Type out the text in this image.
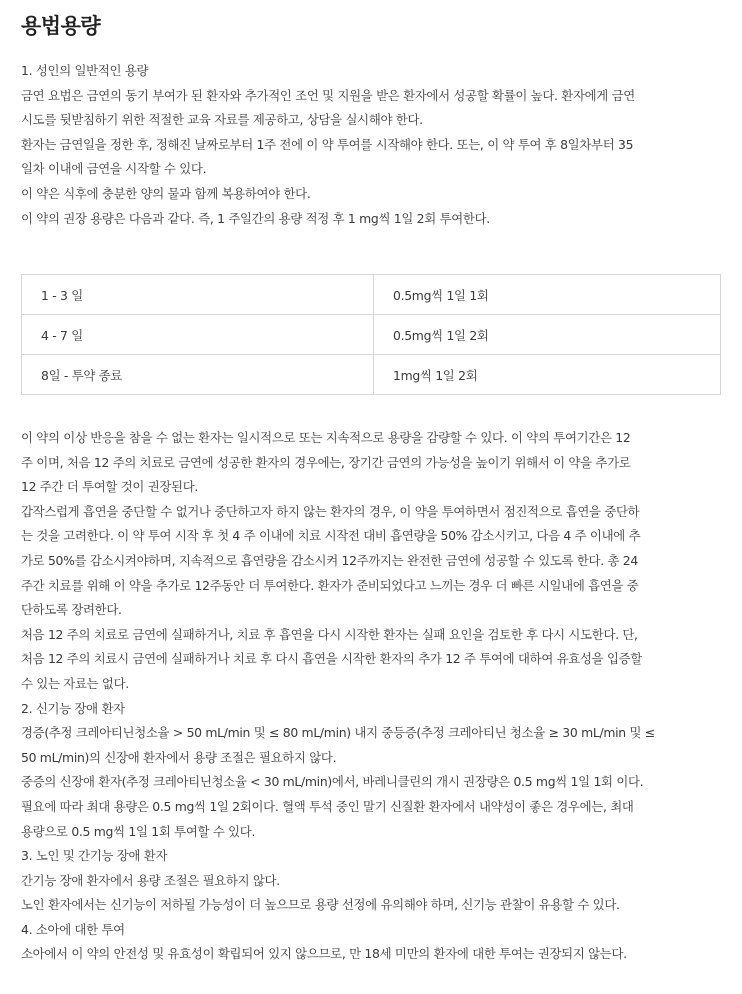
용법용량

1. 성인의 일반적인 용량

금연 요법은 금연의 동기 부여가 된 환자와 추가적인 조언 및 지원을 받은 환자에서 성공할 확률이 높다. 환자에게 금연

시도를 뒷받침하기 위한 적절한 교육 자료를 제공하고, 상담을 실시해야 한다.

환자는 금연일을 정한 후, 정해진 날짜로부터 1주 전에 이 약 투여를 시작해야 한다. 또는, 이 약 투여 후 8일차부터 35

일차 이내에 금연을 시작할 수 있다.

이 약은 식후에 충분한 양의 물과 함께 복용하여야 한다.

이 약의 권장 용량은 다음과 같다. 즉, 1 주일간의 용량 적정 후 1 mg씩 1일 2회 투여한다.

1 - 3 일	0.5mg씩 1일 1회
4 - 7 일	0.5mg씩 1일 2회
8일 - 투약 종료	1mg씩 1일 2회

이 약의 이상 반응을 참을 수 없는 환자는 일시적으로 또는 지속적으로 용량을 감량할 수 있다. 이 약의 투여기간은 12

주 이며, 처음 12 주의 치료로 금연에 성공한 환자의 경우에는, 장기간 금연의 가능성을 높이기 위해서 이 약을 추가로

12 주간 더 투여할 것이 권장된다.

갑작스럽게 흡연을 중단할 수 없거나 중단하고자 하지 않는 환자의 경우, 이 약을 투여하면서 점진적으로 흡연을 중단하

는 것을 고려한다. 이 약 투여 시작 후 첫 4 주 이내에 치료 시작전 대비 흡연량을 50% 감소시키고, 다음 4 주 이내에 추

가로 50%를 감소시켜야하며, 지속적으로 흡연량을 감소시켜 12주까지는 완전한 금연에 성공할 수 있도록 한다. 총 24

주간 치료를 위해 이 약을 추가로 12주동안 더 투여한다. 환자가 준비되었다고 느끼는 경우 더 빠른 시일내에 흡연을 중

단하도록 장려한다.

처음 12 주의 치료로 금연에 실패하거나, 치료 후 흡연을 다시 시작한 환자는 실패 요인을 검토한 후 다시 시도한다. 단,

처음 12 주의 치료시 금연에 실패하거나 치료 후 다시 흡연을 시작한 환자의 추가 12 주 투여에 대하여 유효성을 입증할

수 있는 자료는 없다.

2. 신기능 장애 환자

경증(추정 크레아티닌청소율 > 50 mL/min 및 ≤ 80 mL/min) 내지 중등증(추정 크레아티닌 청소율 ≥ 30 mL/min 및 ≤

50 mL/min)의 신장애 환자에서 용량 조절은 필요하지 않다.

중증의 신장애 환자(추정 크레아티닌청소율 < 30 mL/min)에서, 바레니클린의 개시 권장량은 0.5 mg씩 1일 1회 이다.

필요에 따라 최대 용량은 0.5 mg씩 1일 2회이다. 혈액 투석 중인 말기 신질환 환자에서 내약성이 좋은 경우에는, 최대

용량으로 0.5 mg씩 1일 1회 투여할 수 있다.

3. 노인 및 간기능 장애 환자

간기능 장애 환자에서 용량 조절은 필요하지 않다.

노인 환자에서는 신기능이 저하될 가능성이 더 높으므로 용량 선정에 유의해야 하며, 신기능 관찰이 유용할 수 있다.

4. 소아에 대한 투여

소아에서 이 약의 안전성 및 유효성이 확립되어 있지 않으므로, 만 18세 미만의 환자에 대한 투여는 권장되지 않는다.
